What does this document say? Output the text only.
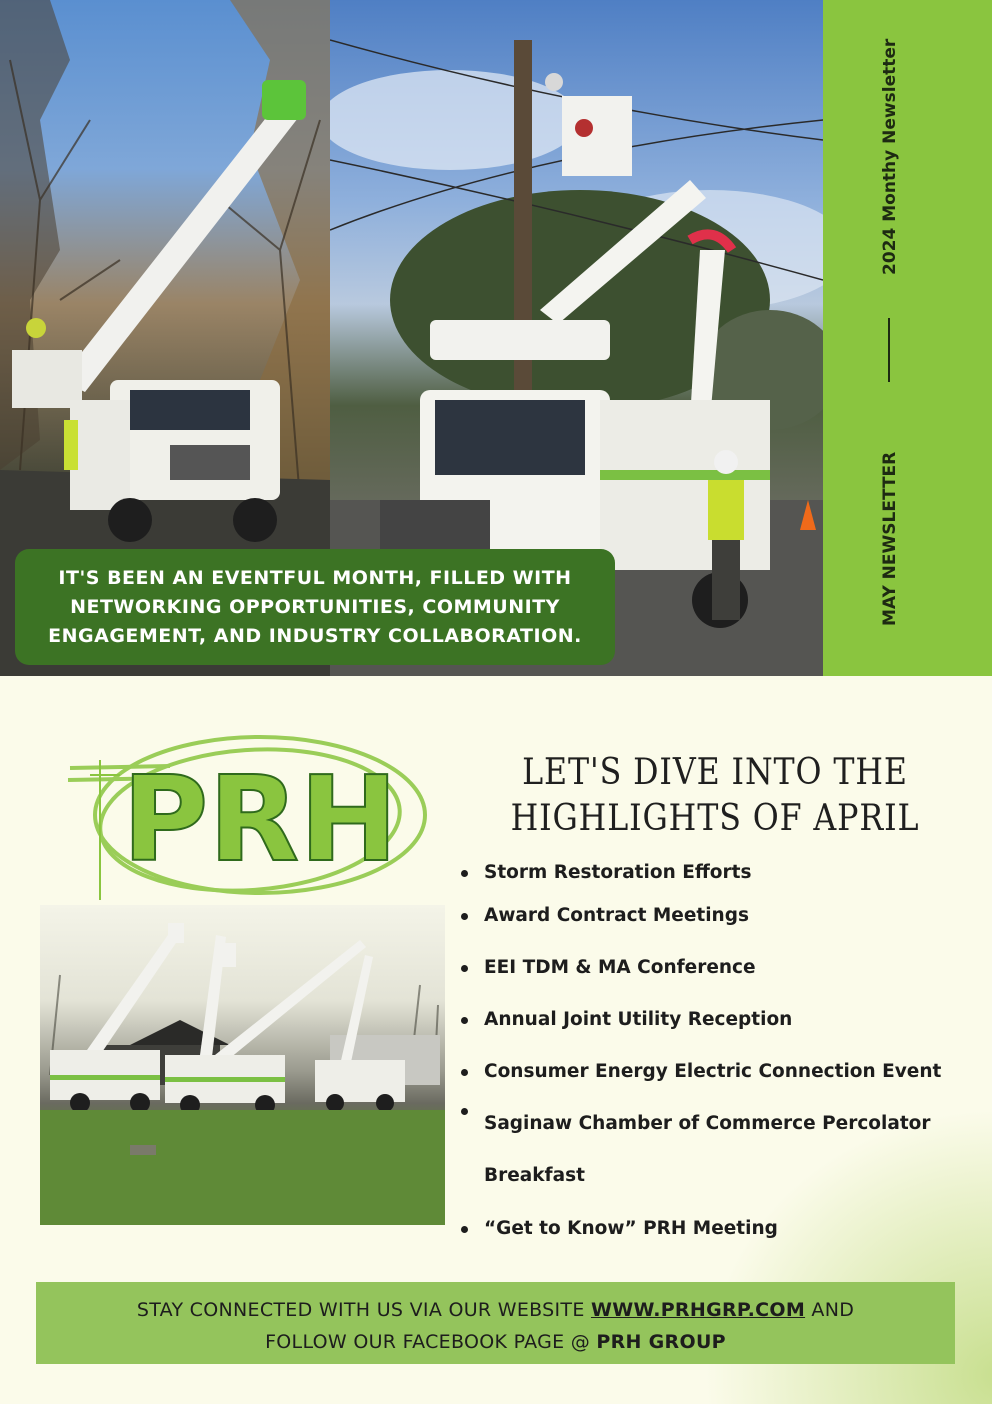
2024 Monthy Newsletter
MAY NEWSLETTER
IT'S BEEN AN EVENTFUL MONTH, FILLED WITH NETWORKING OPPORTUNITIES, COMMUNITY ENGAGEMENT, AND INDUSTRY COLLABORATION.
PRH	LET'S DIVE INTO THE
HIGHLIGHTS OF APRIL
Storm Restoration Efforts
Award Contract Meetings
EEI TDM & MA Conference
Annual Joint Utility Reception
Consumer Energy Electric Connection Event
Saginaw Chamber of Commerce Percolator Breakfast
“Get to Know” PRH Meeting
STAY CONNECTED WITH US VIA OUR WEBSITE WWW.PRHGRP.COM AND
FOLLOW OUR FACEBOOK PAGE @ PRH GROUP
